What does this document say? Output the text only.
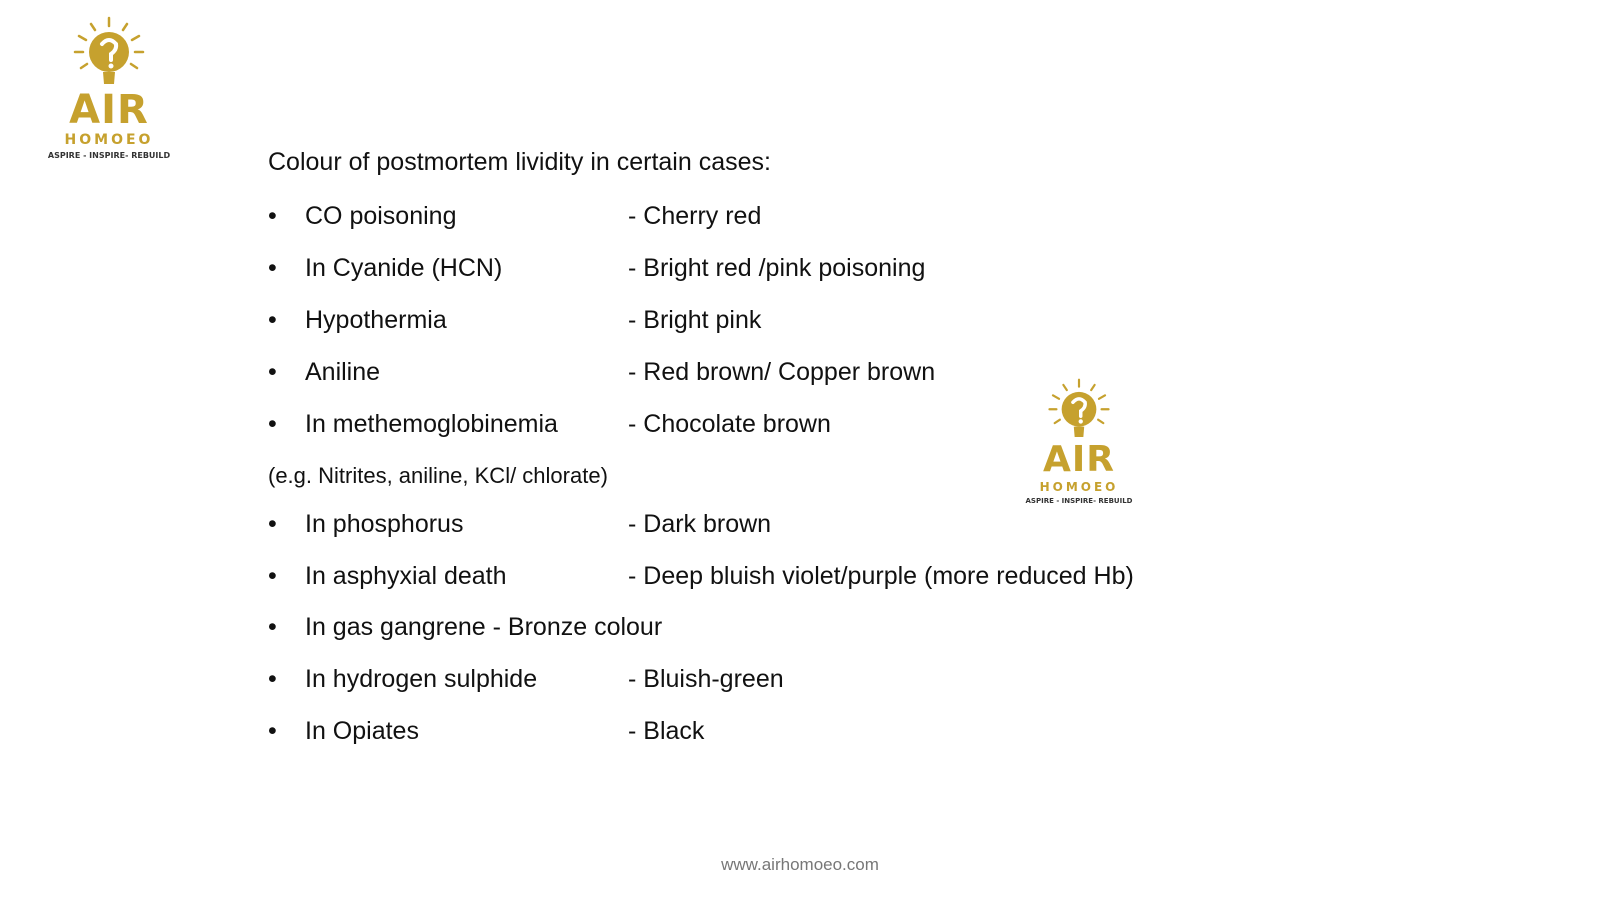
AIR
HOMOEO
ASPIRE - INSPIRE- REBUILD	Colour of postmortem lividity in certain cases:
•	CO poisoning	- Cherry red
•	In Cyanide (HCN)	- Bright red /pink poisoning
•	Hypothermia	- Bright pink
•	Aniline	- Red brown/ Copper brown
•	In methemoglobinemia	- Chocolate brown
(e.g. Nitrites, aniline, KCl/ chlorate)
•	In phosphorus	- Dark brown
•	In asphyxial death	- Deep bluish violet/purple (more reduced Hb)
•	In gas gangrene - Bronze colour
•	In hydrogen sulphide	- Bluish-green
•	In Opiates	- Black
AIR
HOMOEO
ASPIRE - INSPIRE- REBUILD
www.airhomoeo.com
